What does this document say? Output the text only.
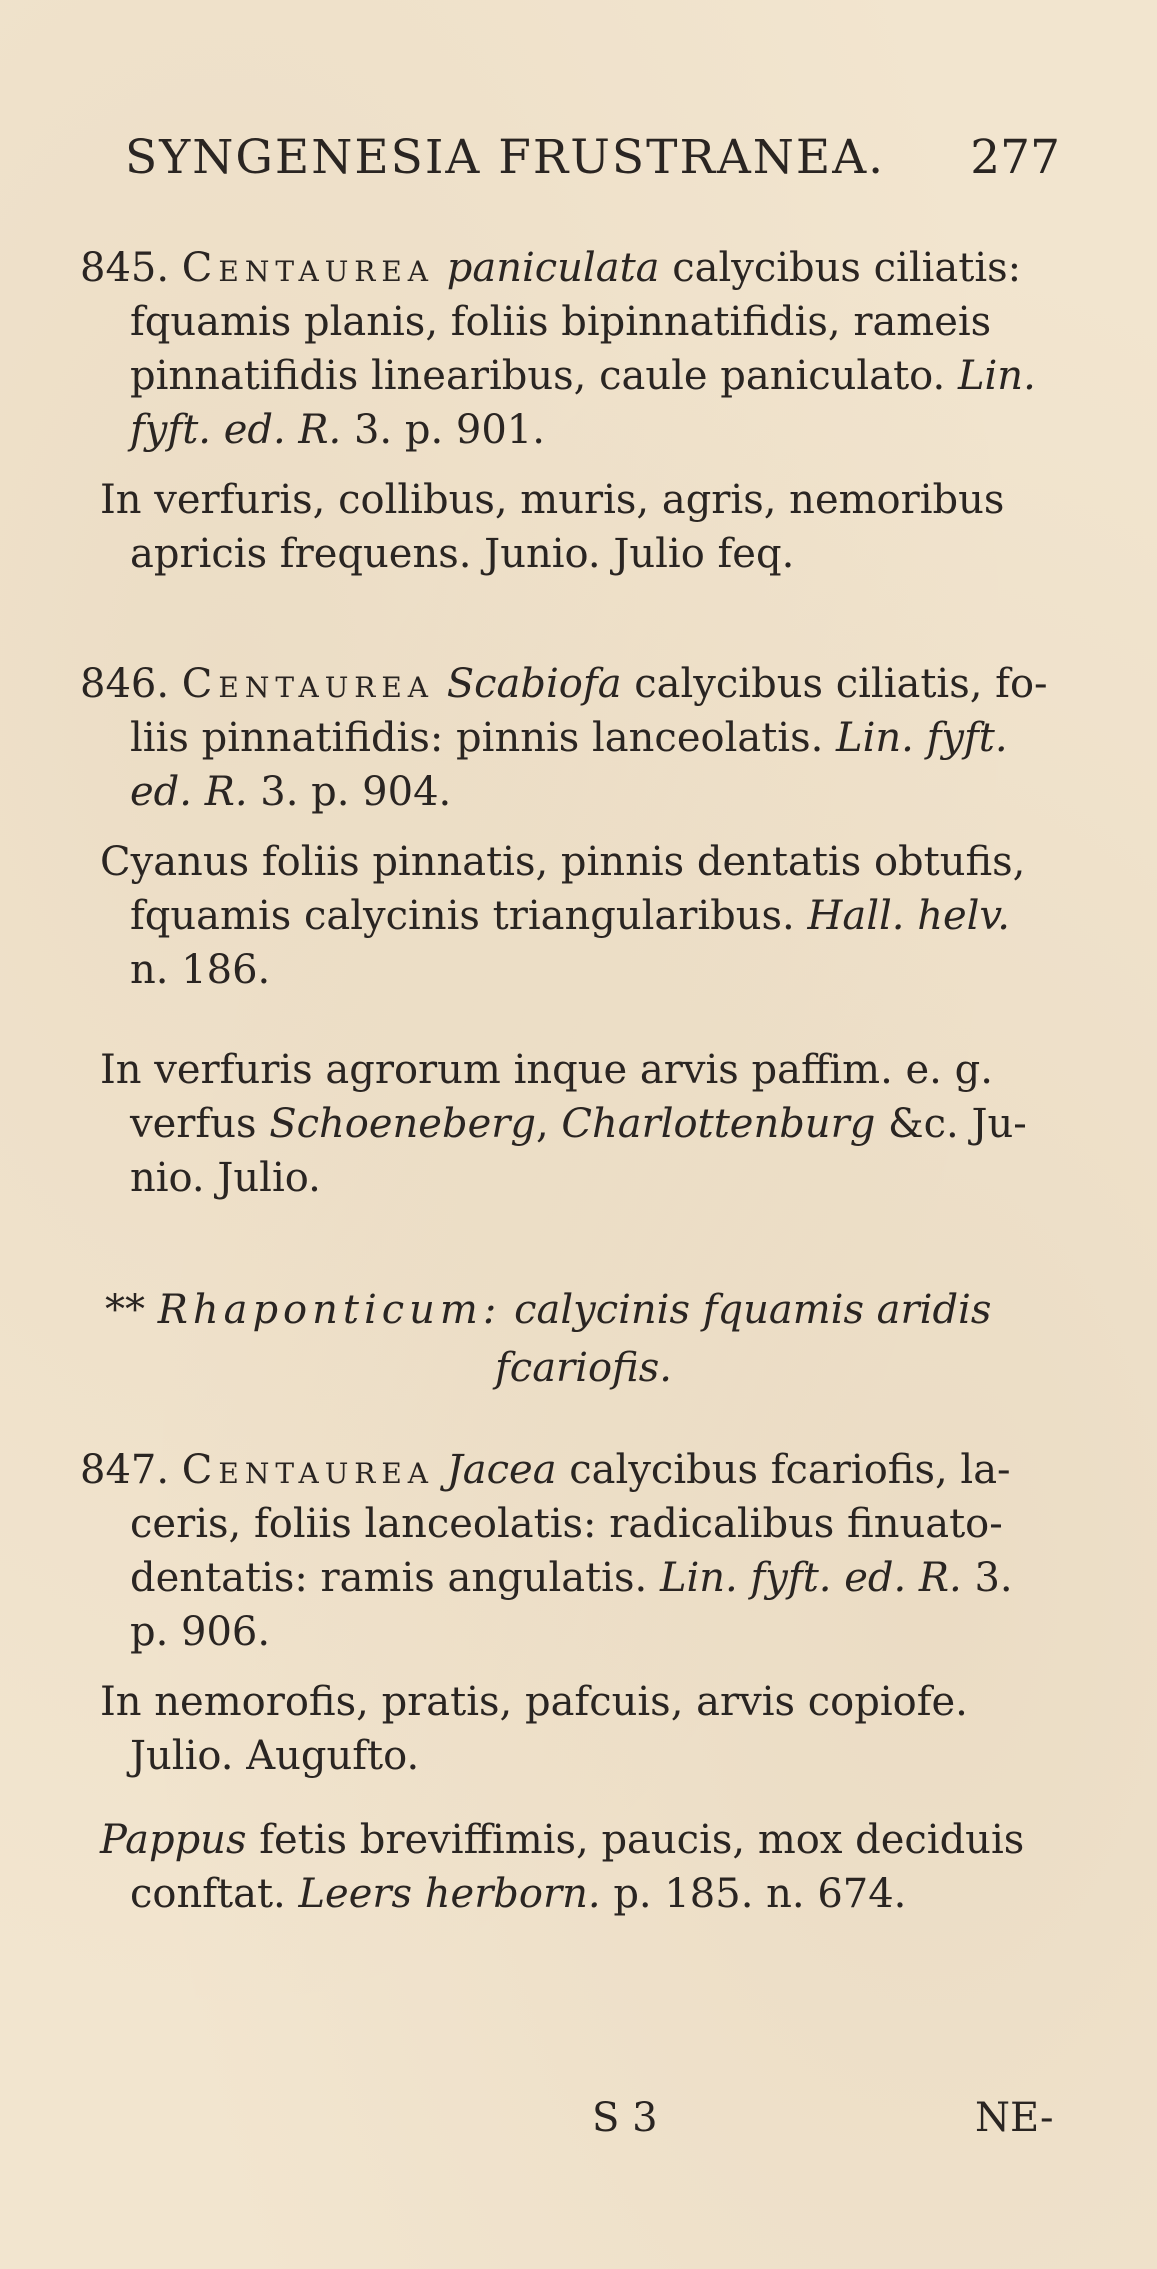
SYNGENESIA FRUSTRANEA. 277
845. Centaurea paniculata calycibus ciliatis:
fquamis planis, foliis bipinnatifidis, rameis
pinnatifidis linearibus, caule paniculato. Lin.
fyft. ed. R. 3. p. 901.
In verfuris, collibus, muris, agris, nemoribus
apricis frequens. Junio. Julio feq.
846. Centaurea Scabiofa calycibus ciliatis, fo-
liis pinnatifidis: pinnis lanceolatis. Lin. fyft.
ed. R. 3. p. 904.
Cyanus foliis pinnatis, pinnis dentatis obtufis,
fquamis calycinis triangularibus. Hall. helv.
n. 186.
In verfuris agrorum inque arvis paffim. e. g.
verfus Schoeneberg, Charlottenburg &c. Ju-
nio. Julio.
** Rhaponticum: calycinis fquamis aridis
fcariofis.
847. Centaurea Jacea calycibus fcariofis, la-
ceris, foliis lanceolatis: radicalibus finuato-
dentatis: ramis angulatis. Lin. fyft. ed. R. 3.
p. 906.
In nemorofis, pratis, pafcuis, arvis copiofe.
Julio. Augufto.
Pappus fetis breviffimis, paucis, mox deciduis
conftat. Leers herborn. p. 185. n. 674.
S 3	NE-
